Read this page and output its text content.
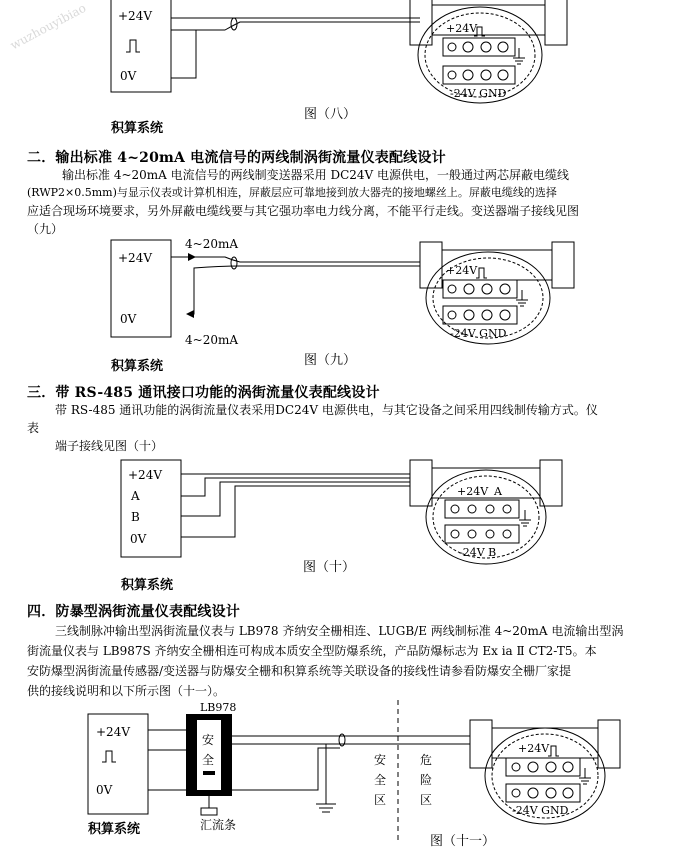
wuzhouyibiao +24V
0V
+24V
-24V GND
图（八）
积算系统
二．输出标准 4~20mA 电流信号的两线制涡街流量仪表配线设计
输出标准 4~20mA 电流信号的两线制变送器采用 DC24V 电源供电，一般通过两芯屏蔽电缆线
(RWP2×0.5mm)与显示仪表或计算机相连，屏蔽层应可靠地接到放大器壳的接地螺丝上。屏蔽电缆线的选择
应适合现场环境要求，另外屏蔽电缆线要与其它强功率电力线分离，不能平行走线。变送器端子接线见图
（九）
+24V
0V
4~20mA
4~20mA
+24V
-24V GND
图（九）
积算系统
三．带 RS-485 通讯接口功能的涡街流量仪表配线设计
带 RS-485 通讯功能的涡街流量仪表采用DC24V 电源供电，与其它设备之间采用四线制传输方式。仪
表
端子接线见图（十）
+24V
A
B
0V
+24V A
-24V B
图（十）
积算系统
四．防暴型涡街流量仪表配线设计
三线制脉冲输出型涡街流量仪表与 LB978 齐纳安全栅相连、LUGB/E 两线制标准 4~20mA 电流输出型涡
街流量仪表与 LB987S 齐纳安全栅相连可构成本质安全型防爆系统，产品防爆标志为 Ex ia Ⅱ CT2-T5。本
安防爆型涡街流量传感器/变送器与防爆安全栅和积算系统等关联设备的接线性请参看防爆安全栅厂家提
供的接线说明和以下所示图（十一）。
+24V
0V
LB978
安
全
汇流条
安
全
区
危
险
区
+24V
-24V GND
积算系统
图（十一）
